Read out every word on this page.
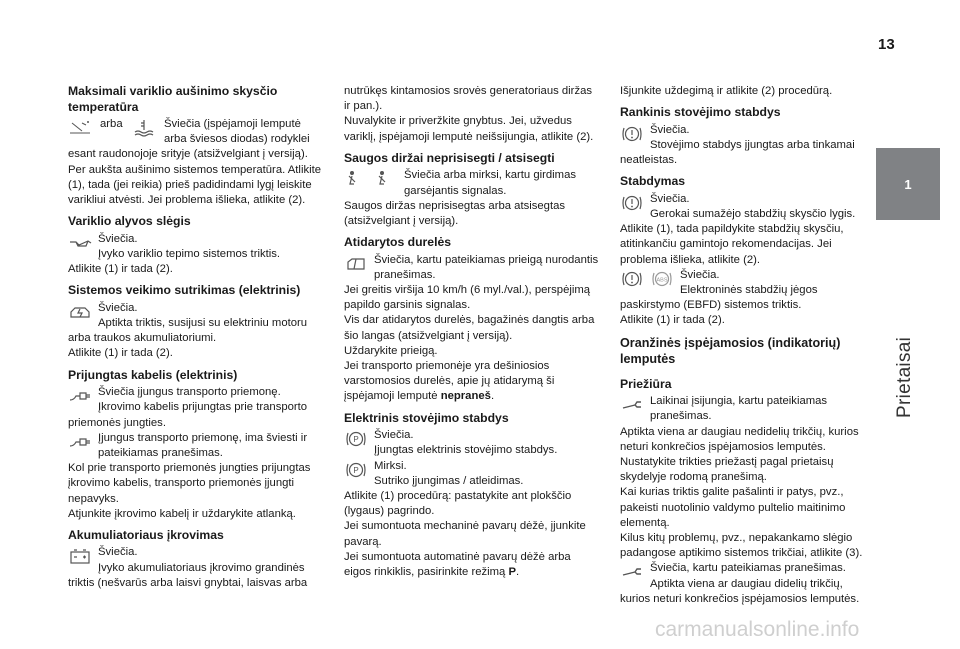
13
1
Prietaisai
Maksimali variklio aušinimo skysčio temperatūra
arba	Šviečia (įspėjamoji lemputė arba šviesos diodas) rodyklei
esant raudonojoje srityje (atsižvelgiant į versiją). Per aukšta aušinimo sistemos temperatūra. Atlikite (1), tada (jei reikia) prieš padidindami lygį leiskite varikliui atvėsti. Jei problema išlieka, atlikite (2).
Variklio alyvos slėgis
Šviečia.
Įvyko variklio tepimo sistemos triktis.
Atlikite (1) ir tada (2).
Sistemos veikimo sutrikimas (elektrinis)
Šviečia.
Aptikta triktis, susijusi su elektriniu motoru
arba traukos akumuliatoriumi.
Atlikite (1) ir tada (2).
Prijungtas kabelis (elektrinis)
Šviečia įjungus transporto priemonę. Įkrovimo kabelis prijungtas prie transporto
priemonės jungties.
Įjungus transporto priemonę, ima šviesti ir pateikiamas pranešimas.
Kol prie transporto priemonės jungties prijungtas įkrovimo kabelis, transporto priemonės įjungti nepavyks.
Atjunkite įkrovimo kabelį ir uždarykite atlanką.
Akumuliatoriaus įkrovimas
Šviečia.
Įvyko akumuliatoriaus įkrovimo grandinės
triktis (nešvarūs arba laisvi gnybtai, laisvas arba
nutrūkęs kintamosios srovės generatoriaus diržas ir pan.).
Nuvalykite ir priveržkite gnybtus. Jei, užvedus variklį, įspėjamoji lemputė neišsijungia, atlikite (2).
Saugos diržai neprisisegti / atsisegti
Šviečia arba mirksi, kartu girdimas garsėjantis signalas.
Saugos diržas neprisisegtas arba atsisegtas (atsižvelgiant į versiją).
Atidarytos durelės
Šviečia, kartu pateikiamas prieigą nurodantis pranešimas.
Jei greitis viršija 10 km/h (6 myl./val.), perspėjimą papildo garsinis signalas.
Vis dar atidarytos durelės, bagažinės dangtis arba šio langas (atsižvelgiant į versiją).
Uždarykite prieigą.
Jei transporto priemonėje yra dešiniosios varstomosios durelės, apie jų atidarymą ši įspėjamoji lemputė nepraneš.
Elektrinis stovėjimo stabdys
P Šviečia.
Įjungtas elektrinis stovėjimo stabdys.
P Mirksi.
Sutriko įjungimas / atleidimas.
Atlikite (1) procedūrą: pastatykite ant plokščio (lygaus) pagrindo.
Jei sumontuota mechaninė pavarų dėžė, įjunkite pavarą.
Jei sumontuota automatinė pavarų dėžė arba eigos rinkiklis, pasirinkite režimą P.
Išjunkite uždegimą ir atlikite (2) procedūrą.
Rankinis stovėjimo stabdys
Šviečia.
Stovėjimo stabdys įjungtas arba tinkamai
neatleistas.
Stabdymas
Šviečia.
Gerokai sumažėjo stabdžių skysčio lygis.
Atlikite (1), tada papildykite stabdžių skysčiu, atitinkančiu gamintojo rekomendacijas. Jei problema išlieka, atlikite (2).
ABS Šviečia.
Elektroninės stabdžių jėgos
paskirstymo (EBFD) sistemos triktis.
Atlikite (1) ir tada (2).
Oranžinės įspėjamosios (indikatorių) lemputės
Priežiūra
Laikinai įsijungia, kartu pateikiamas pranešimas.
Aptikta viena ar daugiau nedidelių trikčių, kurios neturi konkrečios įspėjamosios lemputės.
Nustatykite trikties priežastį pagal prietaisų skydelyje rodomą pranešimą.
Kai kurias triktis galite pašalinti ir patys, pvz., pakeisti nuotolinio valdymo pultelio maitinimo elementą.
Kilus kitų problemų, pvz., nepakankamo slėgio padangose aptikimo sistemos trikčiai, atlikite (3).
Šviečia, kartu pateikiamas pranešimas.
Aptikta viena ar daugiau didelių trikčių,
kurios neturi konkrečios įspėjamosios lemputės.
carmanualsonline.info
